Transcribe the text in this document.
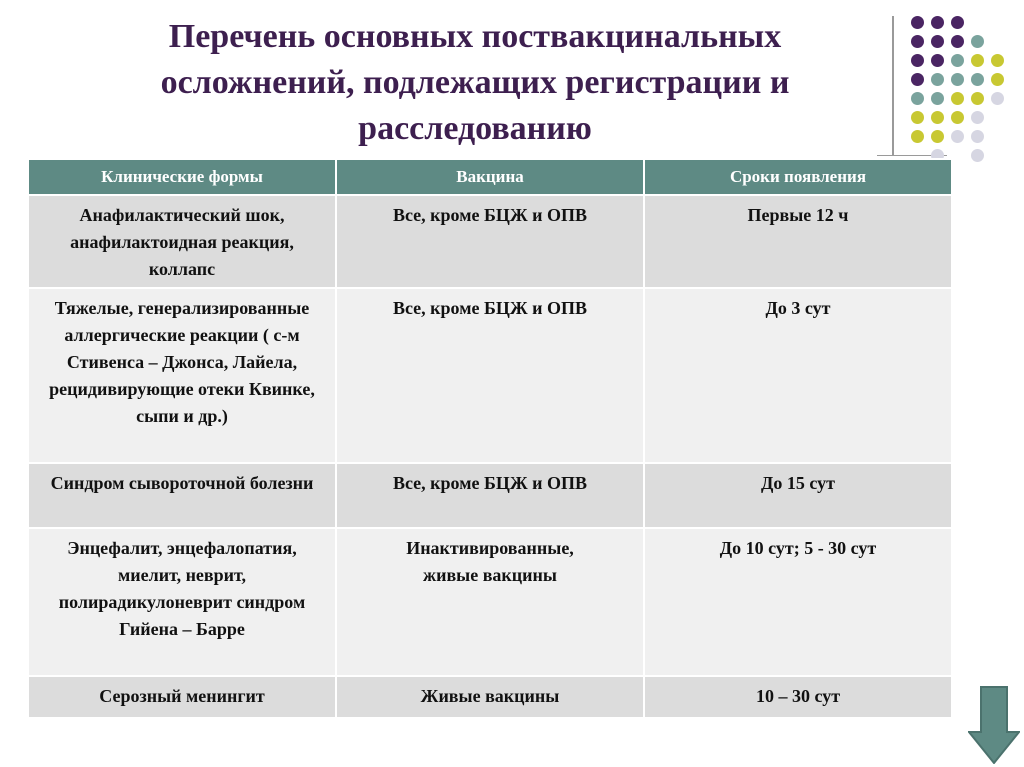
Перечень основных поствакцинальных
осложнений, подлежащих регистрации и
расследованию
Клинические формы	Вакцина	Сроки появления
Анафилактический шок, анафилактоидная реакция, коллапс	Все, кроме БЦЖ и ОПВ	Первые 12 ч
Тяжелые, генерализированные аллергические реакции ( с-м Стивенса – Джонса, Лайела, рецидивирующие отеки Квинке, сыпи и др.)	Все, кроме БЦЖ и ОПВ	До 3 сут
Синдром сывороточной болезни	Все, кроме БЦЖ и ОПВ	До 15 сут
Энцефалит, энцефалопатия, миелит, неврит, полирадикулоневрит синдром Гийена – Барре	Инактивированные, живые вакцины	До 10 сут; 5 - 30 сут
Серозный менингит	Живые вакцины	10 – 30 сут
